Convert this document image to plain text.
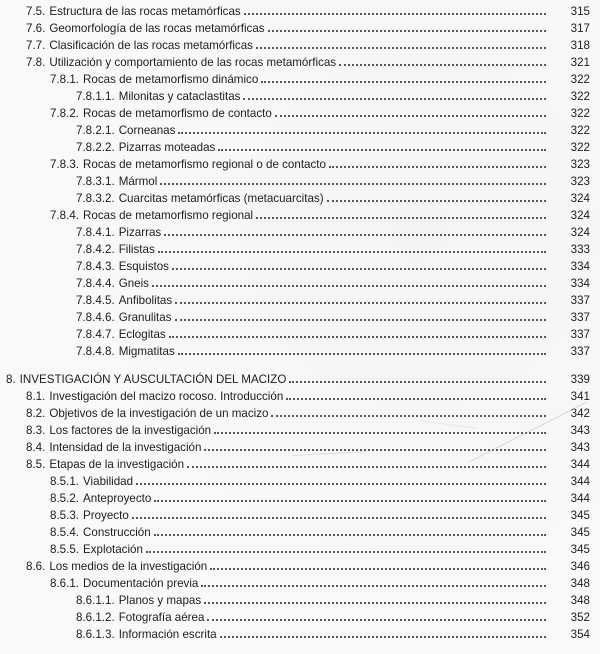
7.5. Estructura de las rocas metamórficas	315
7.6. Geomorfología de las rocas metamórficas	317
7.7. Clasificación de las rocas metamórficas	318
7.8. Utilización y comportamiento de las rocas metamórficas	321
7.8.1. Rocas de metamorfismo dinámico	322
7.8.1.1. Milonitas y cataclastitas	322
7.8.2. Rocas de metamorfismo de contacto	322
7.8.2.1. Corneanas	322
7.8.2.2. Pizarras moteadas	322
7.8.3. Rocas de metamorfismo regional o de contacto	323
7.8.3.1. Mármol	323
7.8.3.2. Cuarcitas metamórficas (metacuarcitas)	324
7.8.4. Rocas de metamorfismo regional	324
7.8.4.1. Pizarras	324
7.8.4.2. Filistas	333
7.8.4.3. Esquistos	334
7.8.4.4. Gneis	334
7.8.4.5. Anfibolitas	337
7.8.4.6. Granulitas	337
7.8.4.7. Eclogitas	337
7.8.4.8. Migmatitas	337
8. INVESTIGACIÓN Y AUSCULTACIÓN DEL MACIZO	339
8.1. Investigación del macizo rocoso. Introducción	341
8.2. Objetivos de la investigación de un macizo	342
8.3. Los factores de la investigación	343
8.4. Intensidad de la investigación	343
8.5. Etapas de la investigación	344
8.5.1. Viabilidad	344
8.5.2. Anteproyecto	344
8.5.3. Proyecto	345
8.5.4. Construcción	345
8.5.5. Explotación	345
8.6. Los medios de la investigación	346
8.6.1. Documentación previa	348
8.6.1.1. Planos y mapas	348
8.6.1.2. Fotografía aérea	352
8.6.1.3. Información escrita	354
